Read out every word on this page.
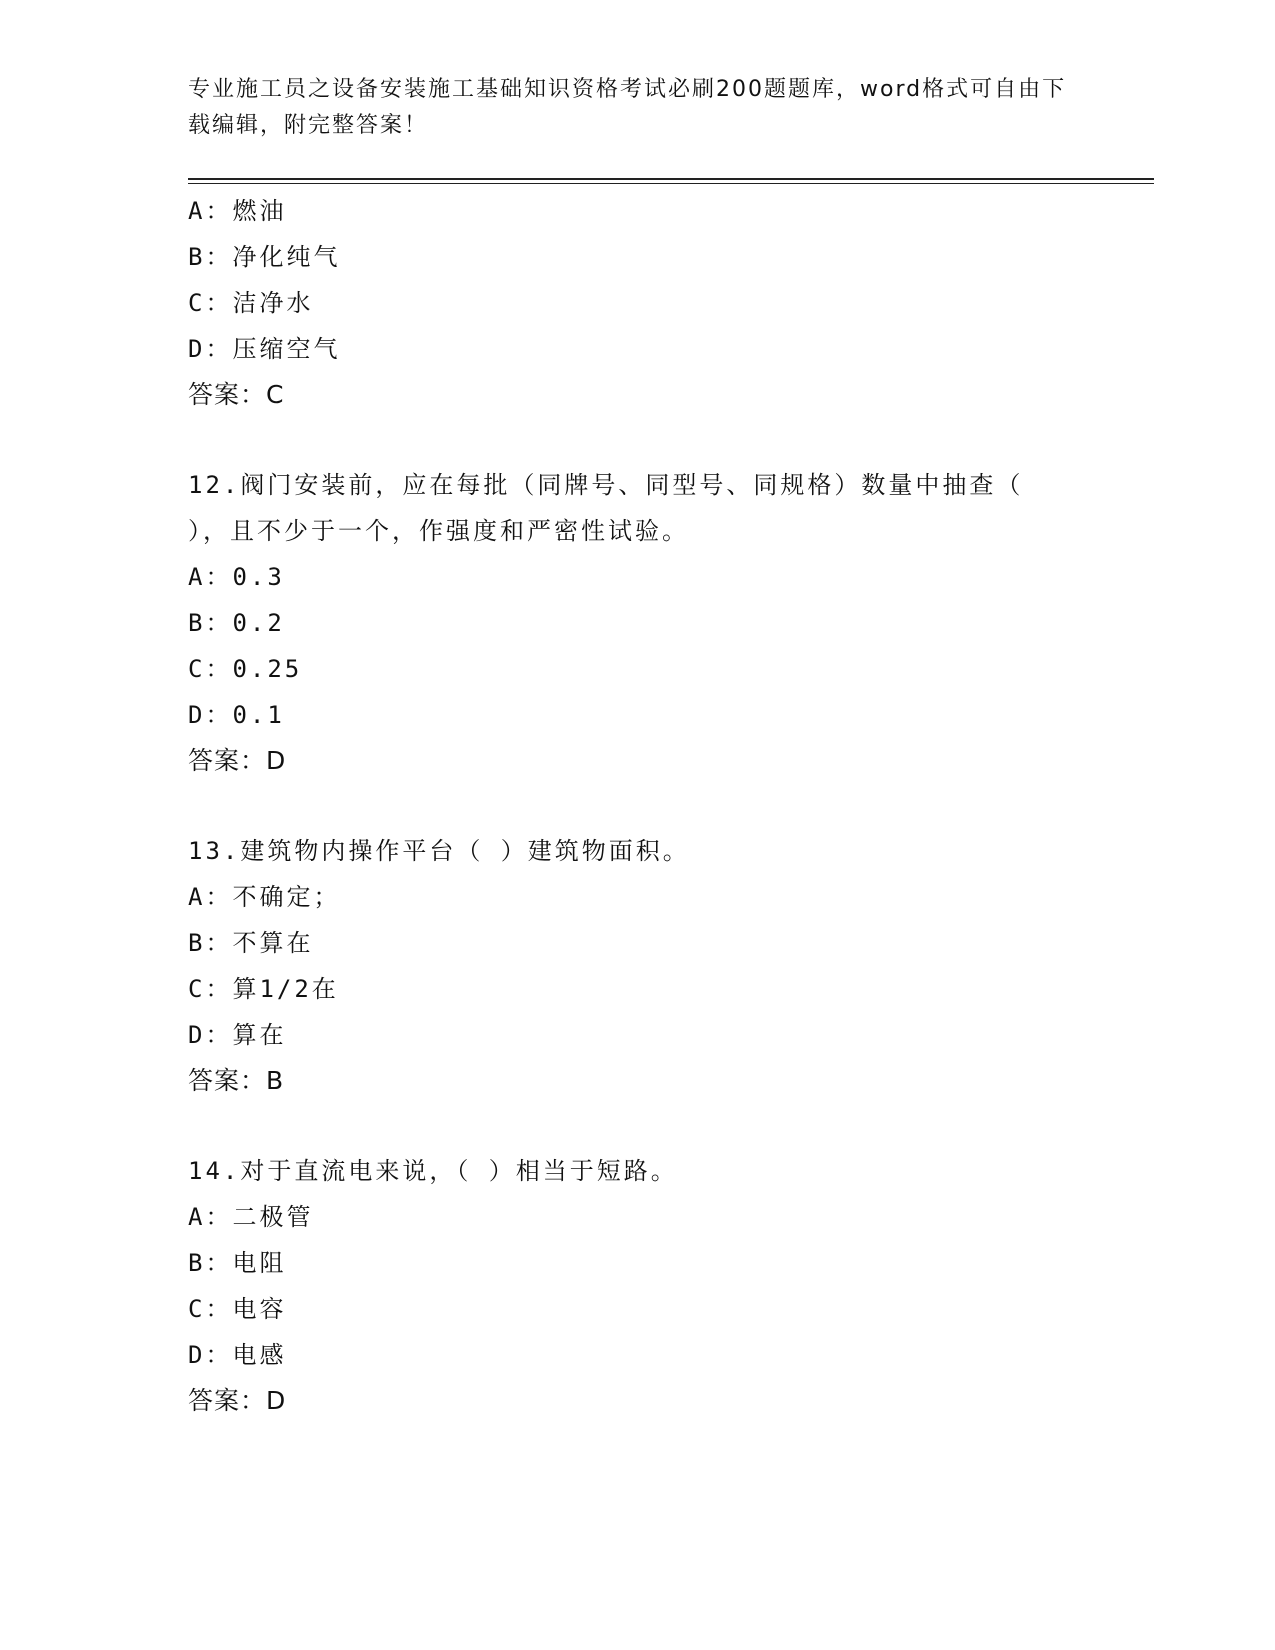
专业施工员之设备安装施工基础知识资格考试必刷200题题库，word格式可自由下载编辑，附完整答案！
A：燃油
B：净化纯气
C：洁净水
D：压缩空气
答案：C
12.阀门安装前，应在每批（同牌号、同型号、同规格）数量中抽查（ ），且不少于一个，作强度和严密性试验。
A：0.3
B：0.2
C：0.25
D：0.1
答案：D
13.建筑物内操作平台（ ）建筑物面积。
A：不确定；
B：不算在
C：算1/2在
D：算在
答案：B
14.对于直流电来说，（ ）相当于短路。
A：二极管
B：电阻
C：电容
D：电感
答案：D
